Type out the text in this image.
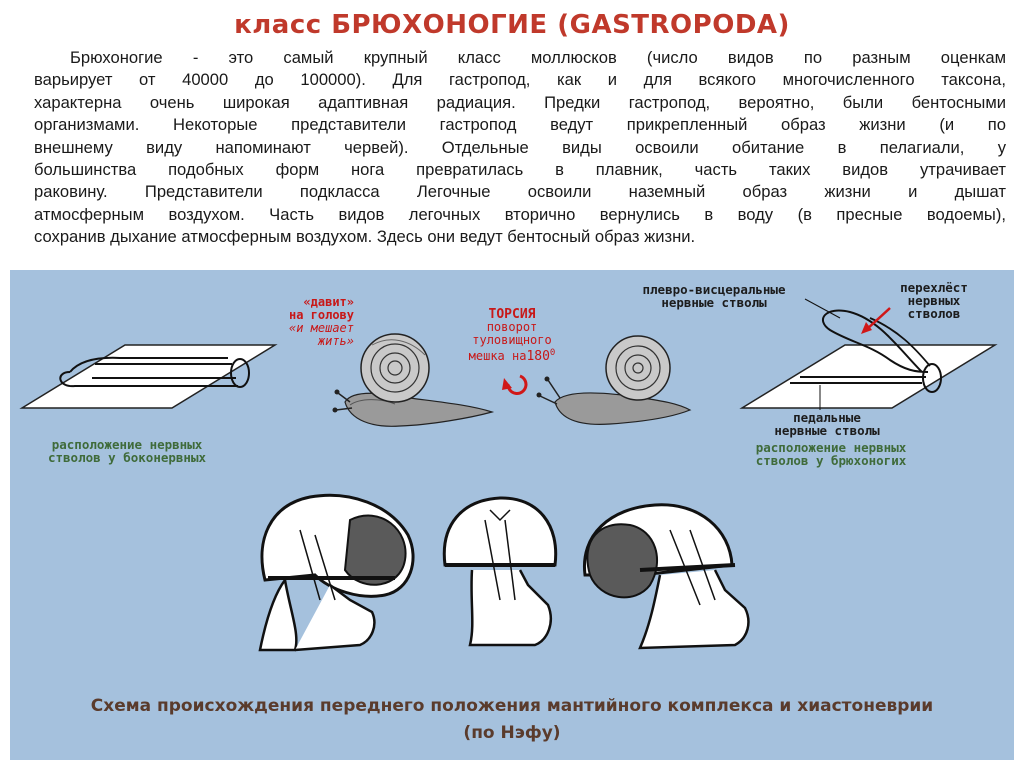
класс БРЮХОНОГИЕ (GASTROPODA)
Брюхоногие - это самый крупный класс моллюсков (число видов по разным оценкам
варьирует от 40000 до 100000). Для гастропод, как и для всякого многочисленного таксона,
характерна очень широкая адаптивная радиация. Предки гастропод, вероятно, были бентосными
организмами. Некоторые представители гастропод ведут прикрепленный образ жизни (и по
внешнему виду напоминают червей). Отдельные виды освоили обитание в пелагиали, у
большинства подобных форм нога превратилась в плавник, часть таких видов утрачивает
раковину. Представители подкласса Легочные освоили наземный образ жизни и дышат
атмосферным воздухом. Часть видов легочных вторично вернулись в воду (в пресные водоемы),
сохранив дыхание атмосферным воздухом. Здесь они ведут бентосный образ жизни.
расположение нервных
стволов у боконервных
«давит»
на голову
«и мешает
жить»
ТОРСИЯ
поворот
туловищного
мешка $на180^0$
плевро-висцеральные
нервные стволы
перехлёст
нервных
стволов
педальные
нервные стволы
расположение нервных
стволов у брюхоногих
Схема происхождения переднего положения мантийного комплекса и хиастоневрии
(по Нэфу)
